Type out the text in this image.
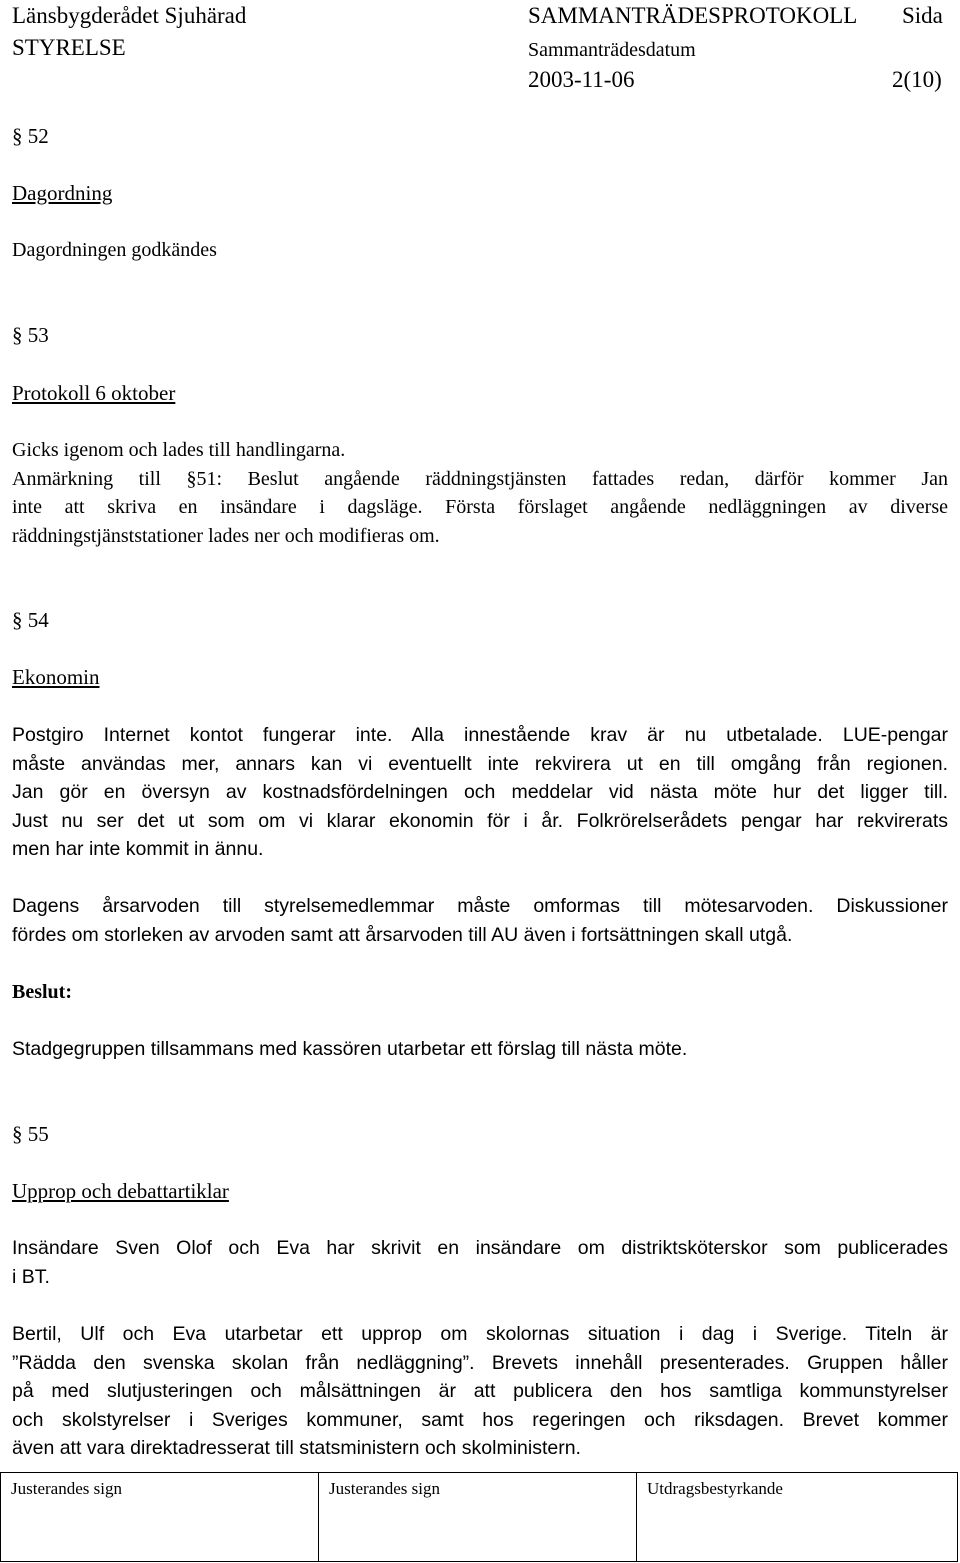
Länsbygderådet Sjuhärad
STYRELSE
SAMMANTRÄDESPROTOKOLL Sida
Sammanträdesdatum
2003-11-06	2(10)
§ 52
Dagordning
Dagordningen godkändes
§ 53
Protokoll 6 oktober
Gicks igenom och lades till handlingarna.
Anmärkning till §51: Beslut angående räddningstjänsten fattades redan, därför kommer Jan
inte att skriva en insändare i dagsläge. Första förslaget angående nedläggningen av diverse
räddningstjänststationer lades ner och modifieras om.
§ 54
Ekonomin
Postgiro Internet kontot fungerar inte. Alla innestående krav är nu utbetalade. LUE-pengar
måste användas mer, annars kan vi eventuellt inte rekvirera ut en till omgång från regionen.
Jan gör en översyn av kostnadsfördelningen och meddelar vid nästa möte hur det ligger till.
Just nu ser det ut som om vi klarar ekonomin för i år. Folkrörelserådets pengar har rekvirerats
men har inte kommit in ännu.
Dagens årsarvoden till styrelsemedlemmar måste omformas till mötesarvoden. Diskussioner
fördes om storleken av arvoden samt att årsarvoden till AU även i fortsättningen skall utgå.
Beslut:
Stadgegruppen tillsammans med kassören utarbetar ett förslag till nästa möte.
§ 55
Upprop och debattartiklar
Insändare Sven Olof och Eva har skrivit en insändare om distriktsköterskor som publicerades
i BT.
Bertil, Ulf och Eva utarbetar ett upprop om skolornas situation i dag i Sverige. Titeln är
”Rädda den svenska skolan från nedläggning”. Brevets innehåll presenterades. Gruppen håller
på med slutjusteringen och målsättningen är att publicera den hos samtliga kommunstyrelser
och skolstyrelser i Sveriges kommuner, samt hos regeringen och riksdagen. Brevet kommer
även att vara direktadresserat till statsministern och skolministern.
Justerandes sign	Justerandes sign	Utdragsbestyrkande
